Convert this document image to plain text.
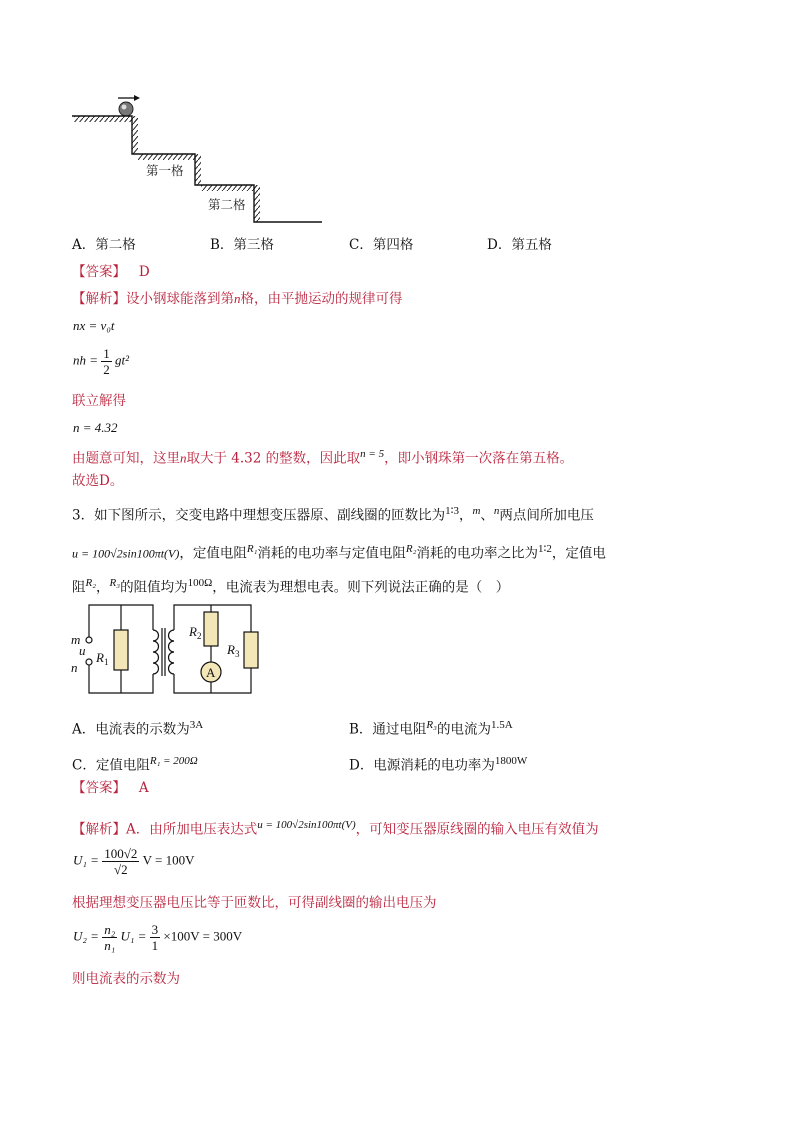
第一格
第二格
A．第二格	B．第三格	C．第四格	D．第五格
【答案】 D
【解析】设小钢球能落到第n格，由平抛运动的规律可得
nx = v₀t
nh = $\frac{1}{2} gt^2$
联立解得
n = 4.32
由题意可知，这里n取大于 4.32 的整数，因此取$^{n = 5}$，即小钢珠第一次落在第五格。
故选D。
3．如下图所示，交变电路中理想变压器原、副线圈的匝数比为$^{1∶3}$，$^m$、$^n$两点间所加电压
u = 100√2sin100πt(V)，定值电阻$^{R_1}$消耗的电功率与定值电阻$^{R_2}$消耗的电功率之比为$^{1∶2}$，定值电
阻$^{R_2}$，$^{R_3}$的阻值均为$^{100\Omega}$，电流表为理想电表。则下列说法正确的是（　）
m
u
n
$R_1$
$R_2$
$R_3$
A
A．电流表的示数为$^{3A}$	B．通过电阻$^{R_3}$的电流为$^{1.5A}$
C．定值电阻$^{R_1 = 200\Omega}$	D．电源消耗的电功率为$^{1800W}$
【答案】 A
【解析】A．由所加电压表达式$^{u = 100√2sin100\pi t(V)}$，可知变压器原线圈的输入电压有效值为
$U_1 = \frac{100√2}{√2}$ V = 100V
根据理想变压器电压比等于匝数比，可得副线圈的输出电压为
$U_2 = \frac{\text{n₂}}{\text{n₁}} U_1 = \frac{3}{1} \times 100V = 300V$
则电流表的示数为
